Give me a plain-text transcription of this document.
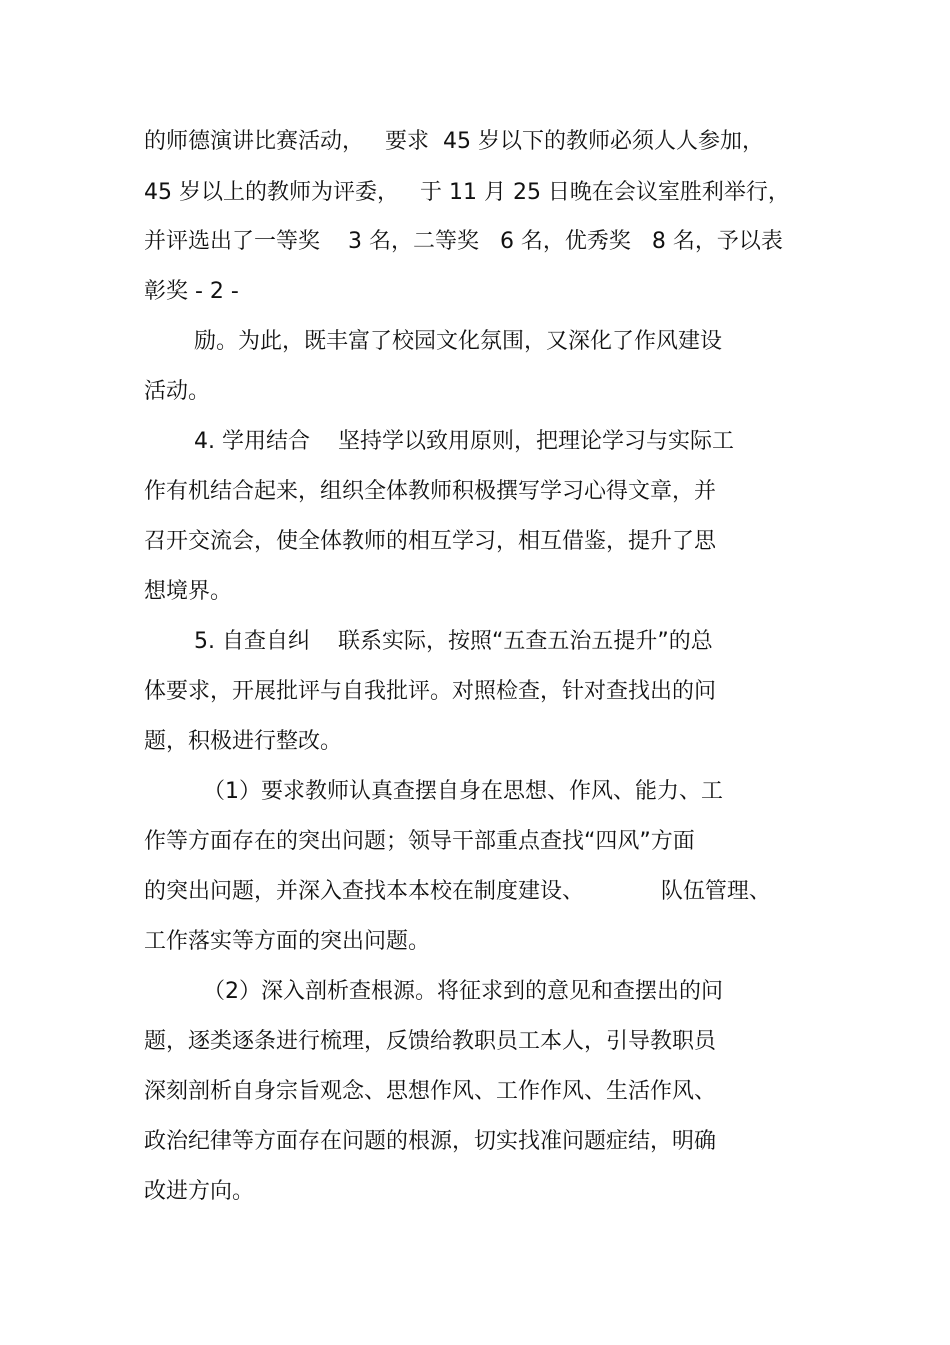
的师德演讲比赛活动，   要求  45 岁以下的教师必须人人参加，
45 岁以上的教师为评委，   于 11 月 25 日晚在会议室胜利举行，
并评选出了一等奖    3 名，二等奖   6 名，优秀奖   8 名，予以表
彰奖 - 2 -
励。为此，既丰富了校园文化氛围，又深化了作风建设
活动。
4. 学用结合    坚持学以致用原则，把理论学习与实际工
作有机结合起来，组织全体教师积极撰写学习心得文章，并
召开交流会，使全体教师的相互学习，相互借鉴，提升了思
想境界。
5. 自查自纠    联系实际，按照“五查五治五提升”的总
体要求，开展批评与自我批评。对照检查，针对查找出的问
题，积极进行整改。
（1）要求教师认真查摆自身在思想、作风、能力、工
作等方面存在的突出问题；领导干部重点查找“四风”方面
的突出问题，并深入查找本本校在制度建设、           队伍管理、
工作落实等方面的突出问题。
（2）深入剖析查根源。将征求到的意见和查摆出的问
题，逐类逐条进行梳理，反馈给教职员工本人，引导教职员
深刻剖析自身宗旨观念、思想作风、工作作风、生活作风、
政治纪律等方面存在问题的根源，切实找准问题症结，明确
改进方向。
